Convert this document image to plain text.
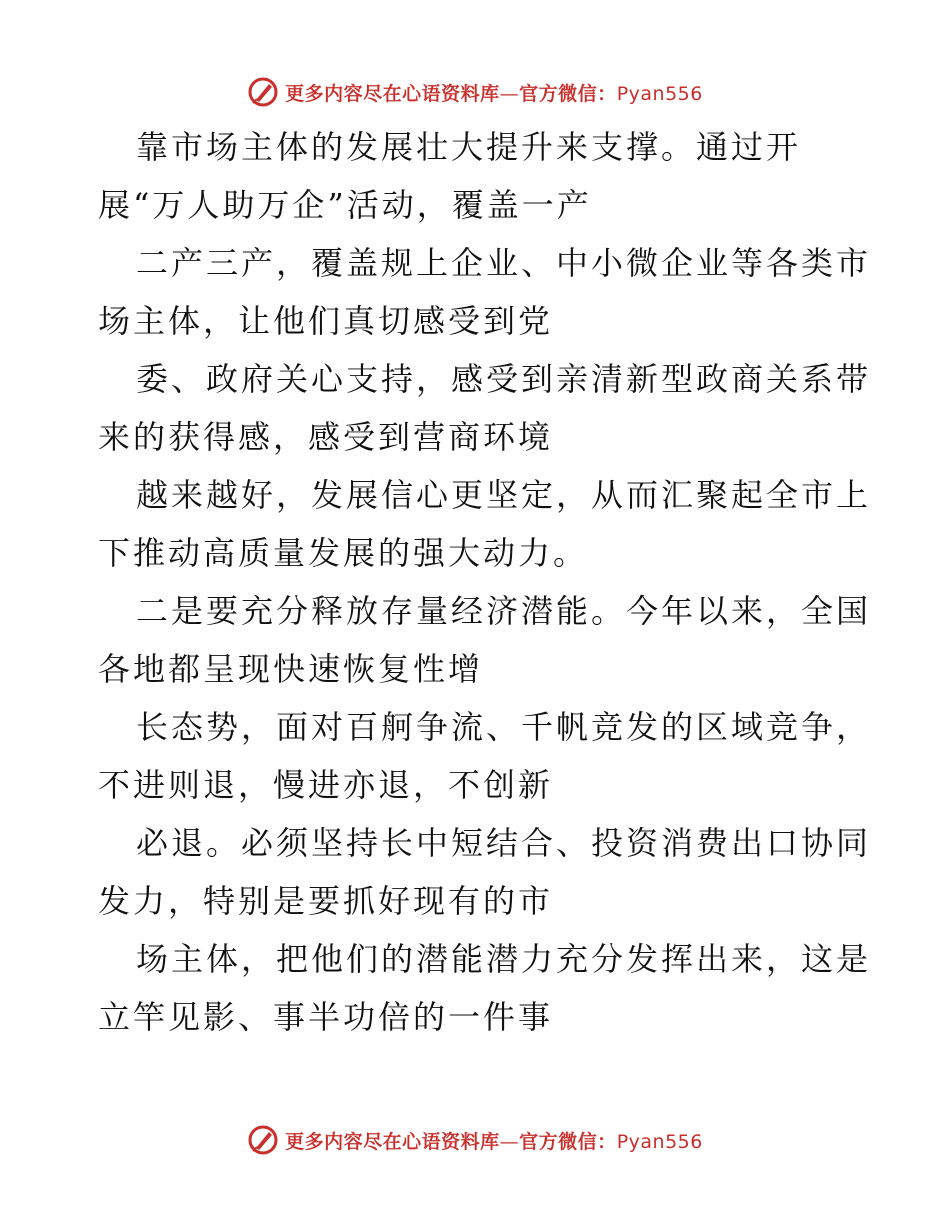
更多内容尽在心语资料库—官方微信：Pyan556
靠市场主体的发展壮大提升来支撑。通过开
展“万人助万企”活动，覆盖一产
二产三产，覆盖规上企业、中小微企业等各类市
场主体，让他们真切感受到党
委、政府关心支持，感受到亲清新型政商关系带
来的获得感，感受到营商环境
越来越好，发展信心更坚定，从而汇聚起全市上
下推动高质量发展的强大动力。
二是要充分释放存量经济潜能。今年以来，全国
各地都呈现快速恢复性增
长态势，面对百舸争流、千帆竞发的区域竞争，
不进则退，慢进亦退，不创新
必退。必须坚持长中短结合、投资消费出口协同
发力，特别是要抓好现有的市
场主体，把他们的潜能潜力充分发挥出来，这是
立竿见影、事半功倍的一件事
更多内容尽在心语资料库—官方微信：Pyan556
